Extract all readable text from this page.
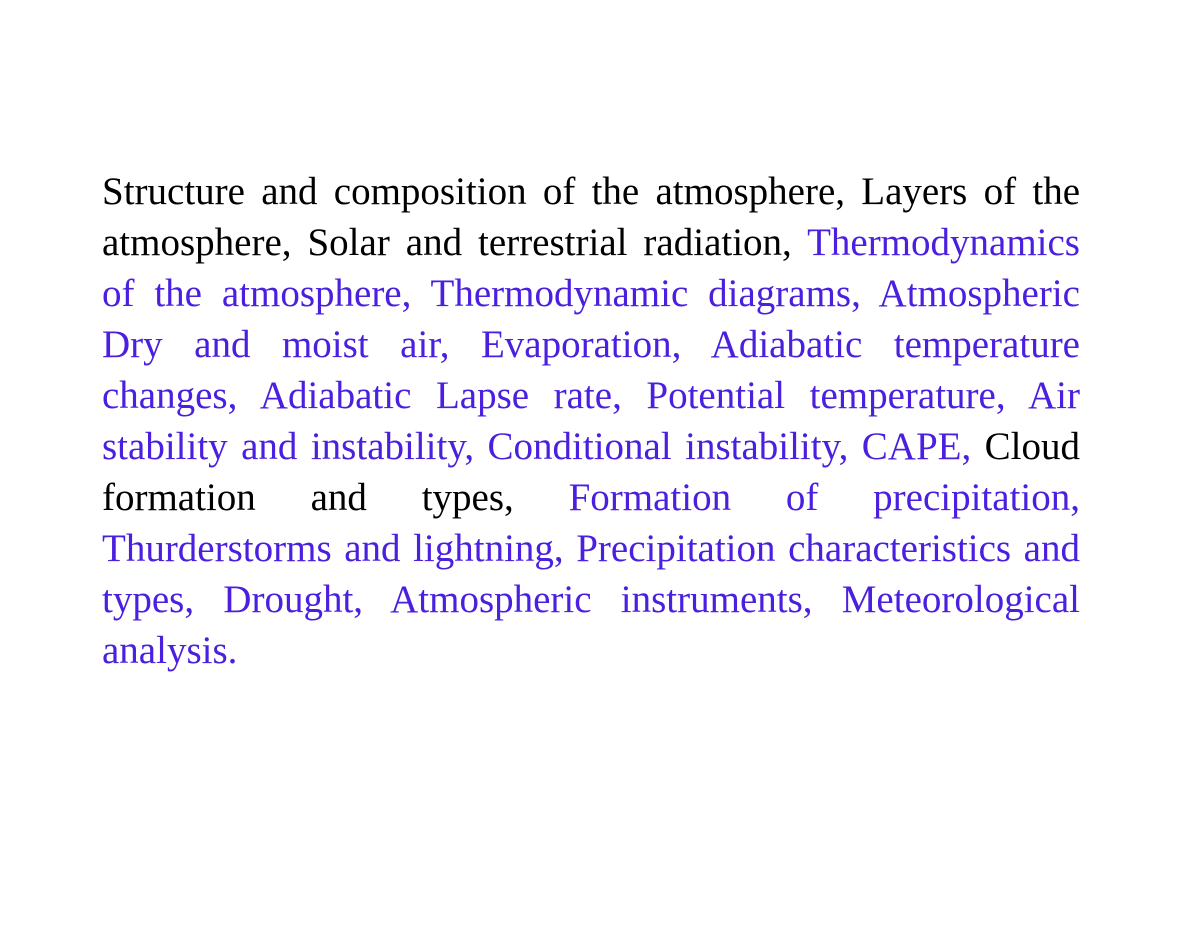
Structure and composition of the atmosphere, Layers of the atmosphere, Solar and terrestrial radiation, Thermodynamics of the atmosphere, Thermodynamic diagrams, Atmospheric Dry and moist air, Evaporation, Adiabatic temperature changes, Adiabatic Lapse rate, Potential temperature, Air stability and instability, Conditional instability, CAPE, Cloud formation and types, Formation of precipitation, Thurderstorms and lightning, Precipitation characteristics and types, Drought, Atmospheric instruments, Meteorological analysis.
